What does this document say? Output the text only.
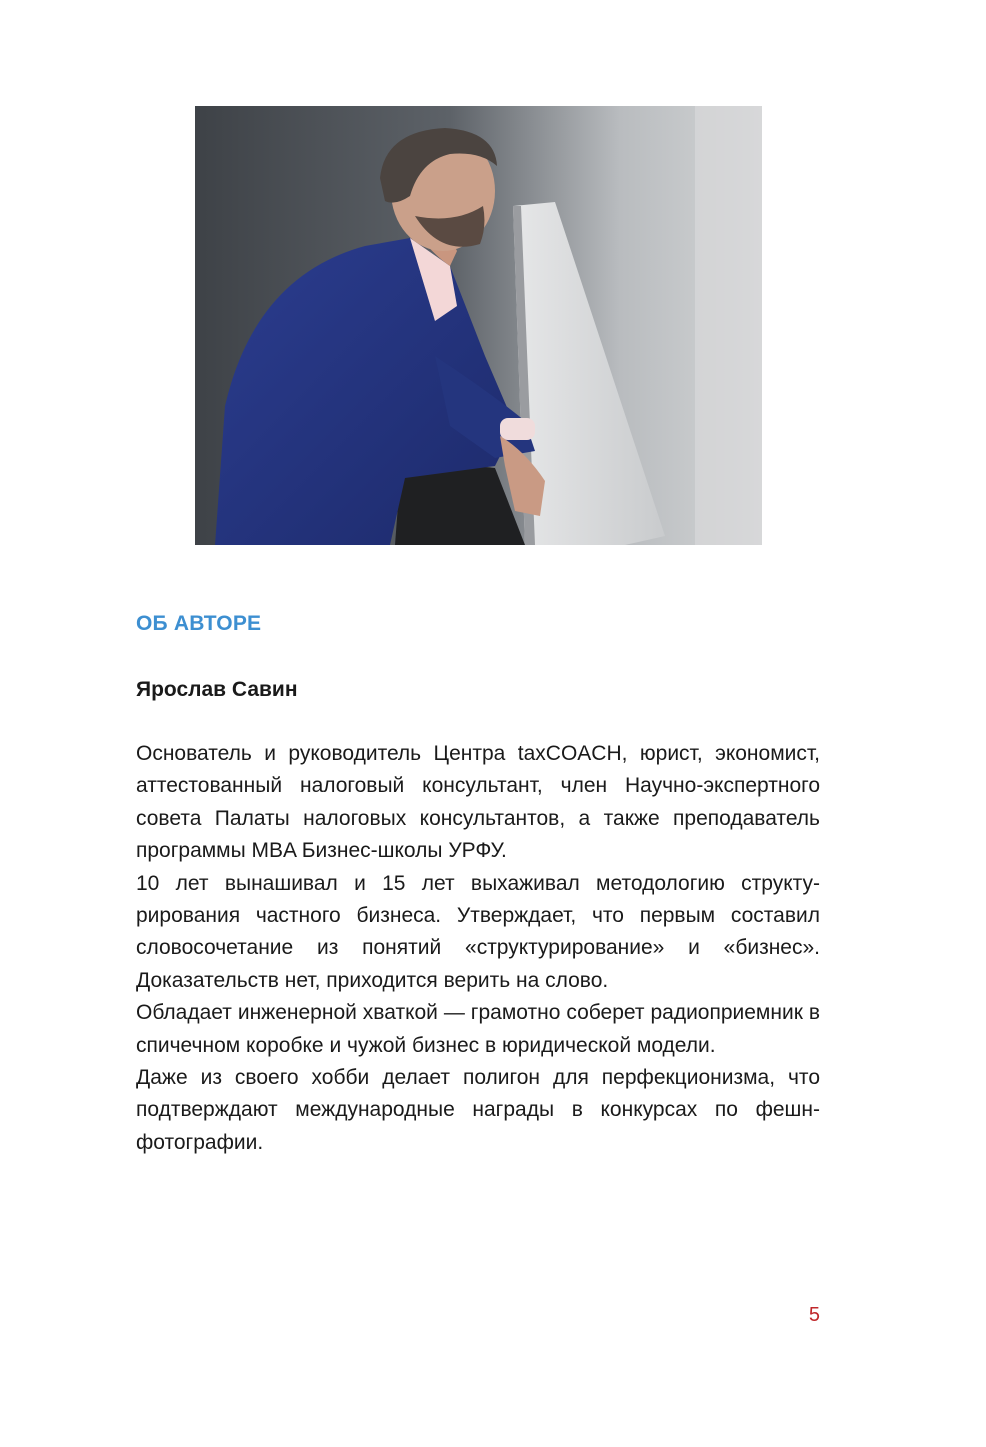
ОБ АВТОРЕ
Ярослав Савин

Основатель и руководитель Центра taxCOACH, юрист, экономист, аттестованный налоговый консультант, член Научно-экспертного совета Палаты налоговых консультантов, а также преподаватель программы MBA Бизнес-школы УРФУ.

10 лет вынашивал и 15 лет выхаживал методологию структурирования частного бизнеса. Утверждает, что первым составил словосочетание из понятий «структурирование» и «бизнес». Доказательств нет, приходится верить на слово.

Обладает инженерной хваткой — грамотно соберет радиоприемник в спичечном коробке и чужой бизнес в юридической модели.

Даже из своего хобби делает полигон для перфекционизма, что подтверждают международные награды в конкурсах по фешн-фотографии.

5
